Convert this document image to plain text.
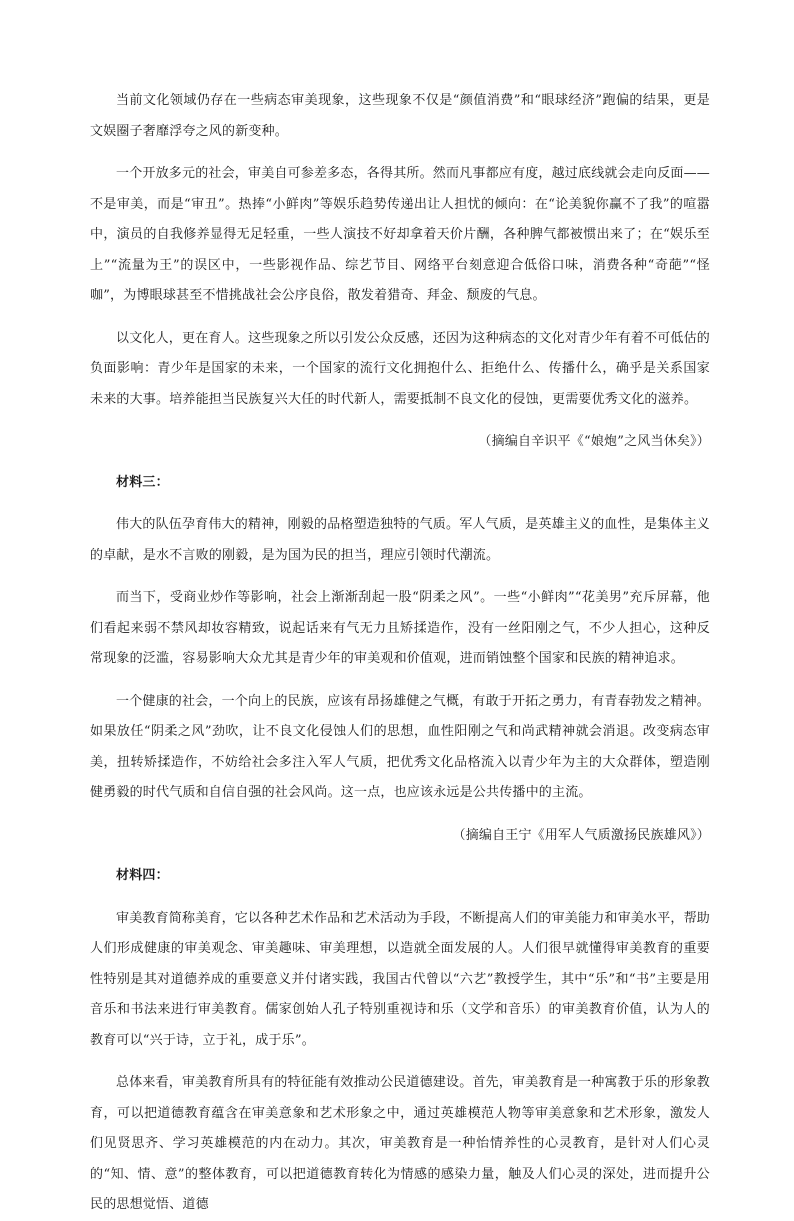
当前文化领域仍存在一些病态审美现象，这些现象不仅是“颜值消费”和“眼球经济”跑偏的结果，更是文娱圈子奢靡浮夸之风的新变种。

一个开放多元的社会，审美自可参差多态，各得其所。然而凡事都应有度，越过底线就会走向反面——不是审美，而是“审丑”。热捧“小鲜肉”等娱乐趋势传递出让人担忧的倾向：在“论美貌你赢不了我”的喧嚣中，演员的自我修养显得无足轻重，一些人演技不好却拿着天价片酬，各种脾气都被惯出来了；在“娱乐至上”“流量为王”的误区中，一些影视作品、综艺节目、网络平台刻意迎合低俗口味，消费各种“奇葩”“怪咖”，为博眼球甚至不惜挑战社会公序良俗，散发着猎奇、拜金、颓废的气息。

以文化人，更在育人。这些现象之所以引发公众反感，还因为这种病态的文化对青少年有着不可低估的负面影响：青少年是国家的未来，一个国家的流行文化拥抱什么、拒绝什么、传播什么，确乎是关系国家未来的大事。培养能担当民族复兴大任的时代新人，需要抵制不良文化的侵蚀，更需要优秀文化的滋养。

（摘编自辛识平《“娘炮”之风当休矣》）

材料三：

伟大的队伍孕育伟大的精神，刚毅的品格塑造独特的气质。军人气质，是英雄主义的血性，是集体主义的卓献，是水不言败的刚毅，是为国为民的担当，理应引领时代潮流。

而当下，受商业炒作等影响，社会上渐渐刮起一股“阴柔之风”。一些“小鲜肉”“花美男”充斥屏幕，他们看起来弱不禁风却妆容精致，说起话来有气无力且矫揉造作，没有一丝阳刚之气，不少人担心，这种反常现象的泛滥，容易影响大众尤其是青少年的审美观和价值观，进而销蚀整个国家和民族的精神追求。

一个健康的社会，一个向上的民族，应该有昂扬雄健之气概，有敢于开拓之勇力，有青春勃发之精神。如果放任“阴柔之风”劲吹，让不良文化侵蚀人们的思想，血性阳刚之气和尚武精神就会消退。改变病态审美，扭转矫揉造作，不妨给社会多注入军人气质，把优秀文化品格流入以青少年为主的大众群体，塑造刚健勇毅的时代气质和自信自强的社会风尚。这一点，也应该永远是公共传播中的主流。

（摘编自王宁《用军人气质激扬民族雄风》）

材料四：

审美教育简称美育，它以各种艺术作品和艺术活动为手段，不断提高人们的审美能力和审美水平，帮助人们形成健康的审美观念、审美趣味、审美理想，以造就全面发展的人。人们很早就懂得审美教育的重要性特别是其对道德养成的重要意义并付诸实践，我国古代曾以“六艺”教授学生，其中“乐”和“书”主要是用音乐和书法来进行审美教育。儒家创始人孔子特别重视诗和乐（文学和音乐）的审美教育价值，认为人的教育可以“兴于诗，立于礼，成于乐”。

总体来看，审美教育所具有的特征能有效推动公民道德建设。首先，审美教育是一种寓教于乐的形象教育，可以把道德教育蕴含在审美意象和艺术形象之中，通过英雄模范人物等审美意象和艺术形象，激发人们见贤思齐、学习英雄模范的内在动力。其次，审美教育是一种怡情养性的心灵教育，是针对人们心灵的“知、情、意”的整体教育，可以把道德教育转化为情感的感染力量，触及人们心灵的深处，进而提升公民的思想觉悟、道德
